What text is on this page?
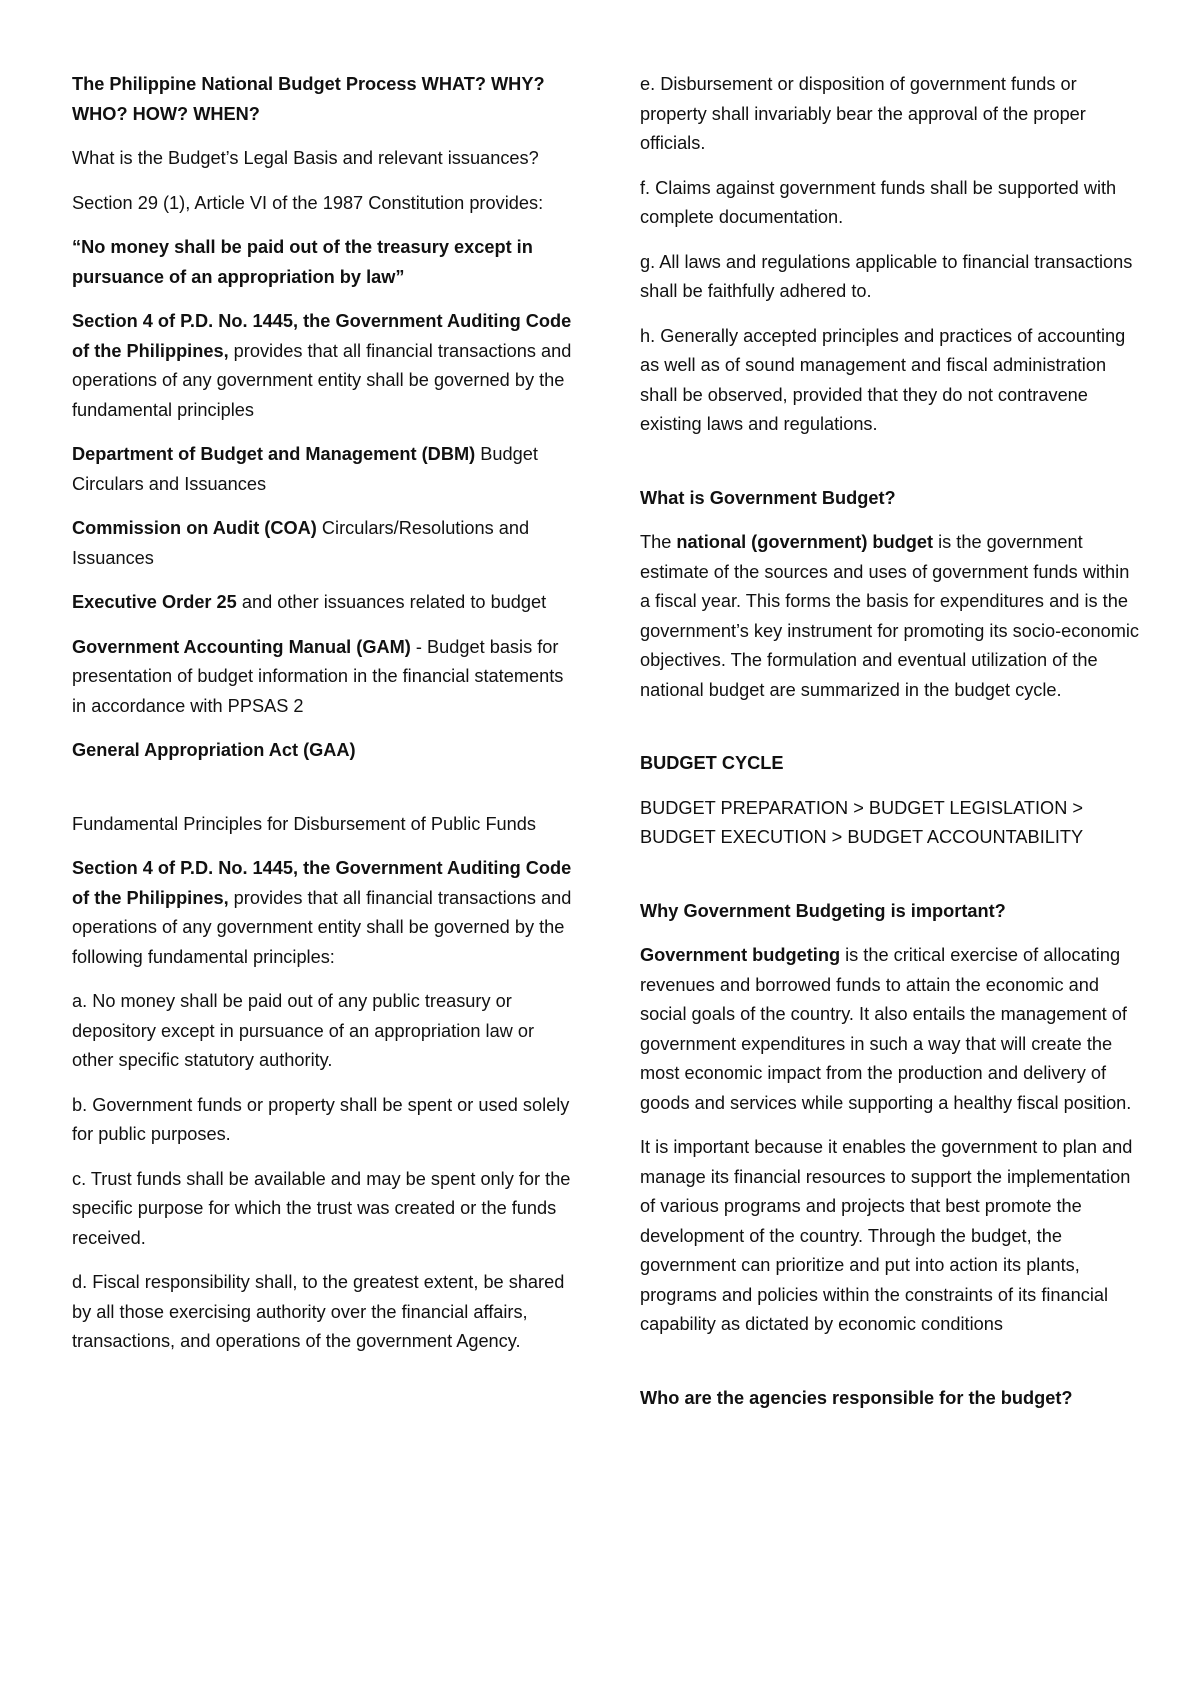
The Philippine National Budget Process WHAT? WHY? WHO? HOW? WHEN?

What is the Budget’s Legal Basis and relevant issuances?

Section 29 (1), Article VI of the 1987 Constitution provides:

“No money shall be paid out of the treasury except in pursuance of an appropriation by law”

Section 4 of P.D. No. 1445, the Government Auditing Code of the Philippines, provides that all financial transactions and operations of any government entity shall be governed by the fundamental principles

Department of Budget and Management (DBM) Budget Circulars and Issuances

Commission on Audit (COA) Circulars/Resolutions and Issuances

Executive Order 25 and other issuances related to budget

Government Accounting Manual (GAM) - Budget basis for presentation of budget information in the financial statements in accordance with PPSAS 2

General Appropriation Act (GAA)

Fundamental Principles for Disbursement of Public Funds

Section 4 of P.D. No. 1445, the Government Auditing Code of the Philippines, provides that all financial transactions and operations of any government entity shall be governed by the following fundamental principles:

a. No money shall be paid out of any public treasury or depository except in pursuance of an appropriation law or other specific statutory authority.

b. Government funds or property shall be spent or used solely for public purposes.

c. Trust funds shall be available and may be spent only for the specific purpose for which the trust was created or the funds received.

d. Fiscal responsibility shall, to the greatest extent, be shared by all those exercising authority over the financial affairs, transactions, and operations of the government Agency.

e. Disbursement or disposition of government funds or property shall invariably bear the approval of the proper officials.

f. Claims against government funds shall be supported with complete documentation.

g. All laws and regulations applicable to financial transactions shall be faithfully adhered to.

h. Generally accepted principles and practices of accounting as well as of sound management and fiscal administration shall be observed, provided that they do not contravene existing laws and regulations.

What is Government Budget?

The national (government) budget is the government estimate of the sources and uses of government funds within a fiscal year. This forms the basis for expenditures and is the government’s key instrument for promoting its socio-economic objectives. The formulation and eventual utilization of the national budget are summarized in the budget cycle.

BUDGET CYCLE

BUDGET PREPARATION > BUDGET LEGISLATION > BUDGET EXECUTION > BUDGET ACCOUNTABILITY

Why Government Budgeting is important?

Government budgeting is the critical exercise of allocating revenues and borrowed funds to attain the economic and social goals of the country. It also entails the management of government expenditures in such a way that will create the most economic impact from the production and delivery of goods and services while supporting a healthy fiscal position.

It is important because it enables the government to plan and manage its financial resources to support the implementation of various programs and projects that best promote the development of the country. Through the budget, the government can prioritize and put into action its plants, programs and policies within the constraints of its financial capability as dictated by economic conditions

Who are the agencies responsible for the budget?
